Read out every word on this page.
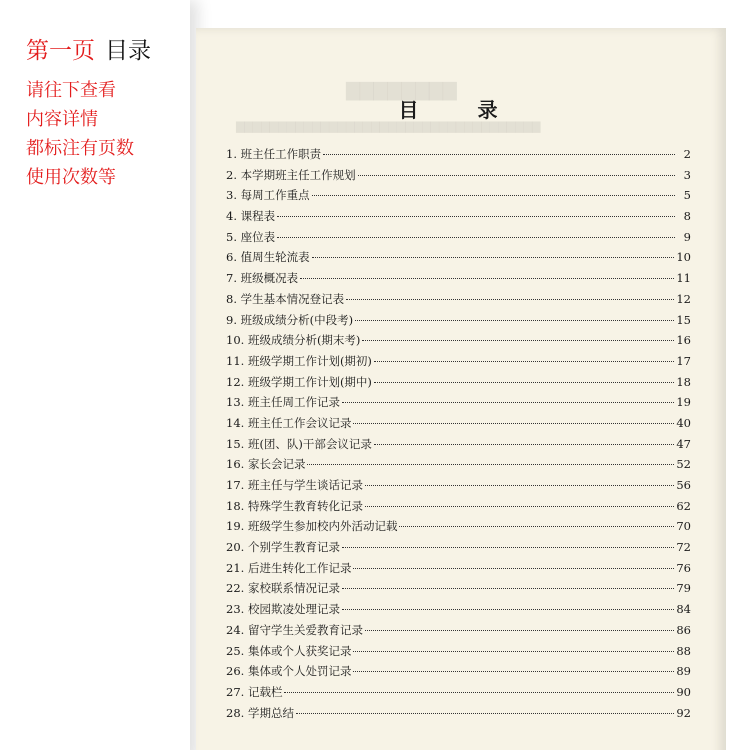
第一页 目录
请往下查看
内容详情
都标注有页数
使用次数等
▇▇▇▇▇▇▇▇
▇▇▇▇▇▇▇▇▇▇▇▇▇▇▇▇▇▇▇▇▇▇▇▇▇▇▇▇▇▇▇▇▇▇▇▇
目 录
1. 班主任工作职责	2
2. 本学期班主任工作规划	3
3. 每周工作重点	5
4. 课程表	8
5. 座位表	9
6. 值周生轮流表	10
7. 班级概况表	11
8. 学生基本情况登记表	12
9. 班级成绩分析(中段考)	15
10. 班级成绩分析(期末考)	16
11. 班级学期工作计划(期初)	17
12. 班级学期工作计划(期中)	18
13. 班主任周工作记录	19
14. 班主任工作会议记录	40
15. 班(团、队)干部会议记录	47
16. 家长会记录	52
17. 班主任与学生谈话记录	56
18. 特殊学生教育转化记录	62
19. 班级学生参加校内外活动记载	70
20. 个别学生教育记录	72
21. 后进生转化工作记录	76
22. 家校联系情况记录	79
23. 校园欺凌处理记录	84
24. 留守学生关爱教育记录	86
25. 集体或个人获奖记录	88
26. 集体或个人处罚记录	89
27. 记载栏	90
28. 学期总结	92
